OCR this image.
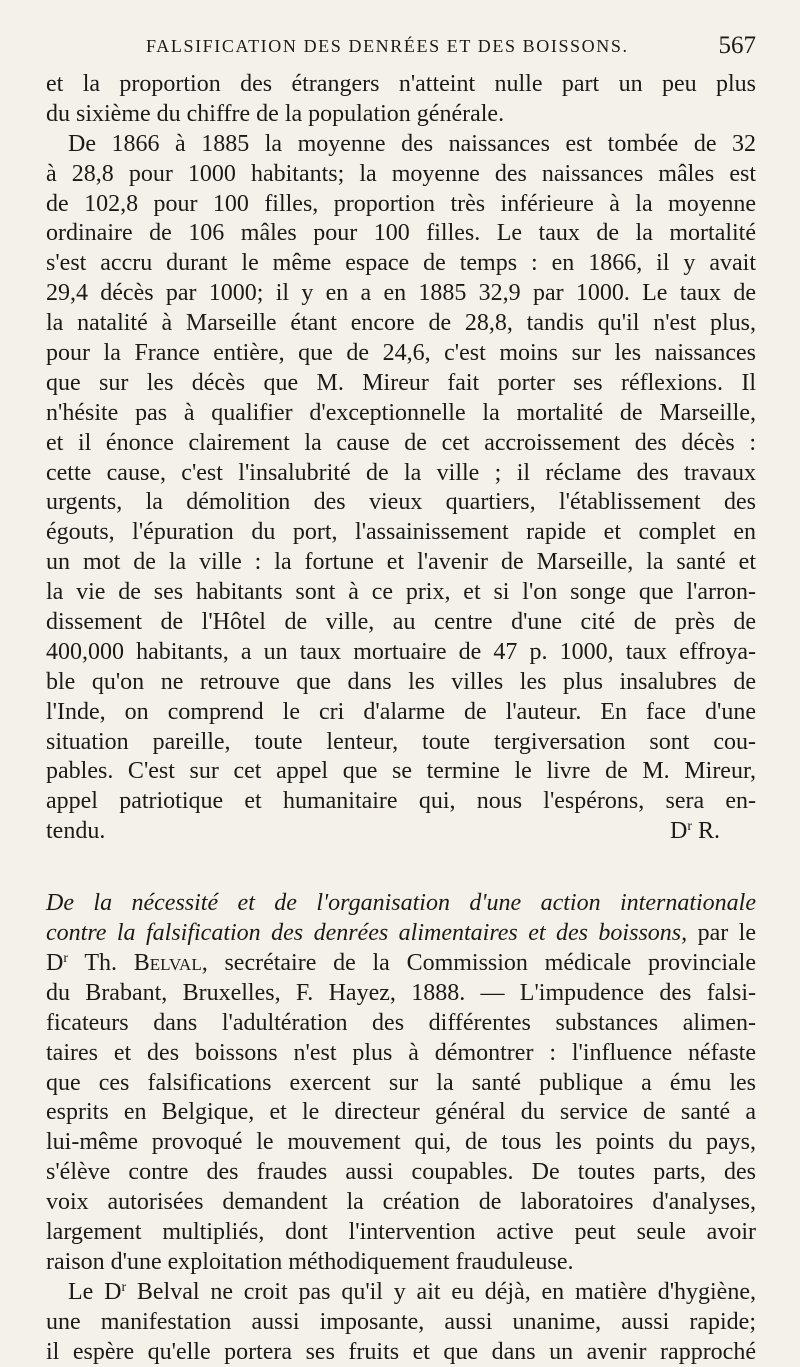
FALSIFICATION DES DENRÉES ET DES BOISSONS.	567
et la proportion des étrangers n'atteint nulle part un peu plus
du sixième du chiffre de la population générale.
De 1866 à 1885 la moyenne des naissances est tombée de 32
à 28,8 pour 1000 habitants; la moyenne des naissances mâles est
de 102,8 pour 100 filles, proportion très inférieure à la moyenne
ordinaire de 106 mâles pour 100 filles. Le taux de la mortalité
s'est accru durant le même espace de temps : en 1866, il y avait
29,4 décès par 1000; il y en a en 1885 32,9 par 1000. Le taux de
la natalité à Marseille étant encore de 28,8, tandis qu'il n'est plus,
pour la France entière, que de 24,6, c'est moins sur les naissances
que sur les décès que M. Mireur fait porter ses réflexions. Il
n'hésite pas à qualifier d'exceptionnelle la mortalité de Marseille,
et il énonce clairement la cause de cet accroissement des décès :
cette cause, c'est l'insalubrité de la ville ; il réclame des travaux
urgents, la démolition des vieux quartiers, l'établissement des
égouts, l'épuration du port, l'assainissement rapide et complet en
un mot de la ville : la fortune et l'avenir de Marseille, la santé et
la vie de ses habitants sont à ce prix, et si l'on songe que l'arron-
dissement de l'Hôtel de ville, au centre d'une cité de près de
400,000 habitants, a un taux mortuaire de 47 p. 1000, taux effroya-
ble qu'on ne retrouve que dans les villes les plus insalubres de
l'Inde, on comprend le cri d'alarme de l'auteur. En face d'une
situation pareille, toute lenteur, toute tergiversation sont cou-
pables. C'est sur cet appel que se termine le livre de M. Mireur,
appel patriotique et humanitaire qui, nous l'espérons, sera en-
tendu.	$D^r$ R.
De la nécessité et de l'organisation d'une action internationale
contre la falsification des denrées alimentaires et des boissons, par le
$D^r$ Th. Belval, secrétaire de la Commission médicale provinciale
du Brabant, Bruxelles, F. Hayez, 1888. — L'impudence des falsi-
ficateurs dans l'adultération des différentes substances alimen-
taires et des boissons n'est plus à démontrer : l'influence néfaste
que ces falsifications exercent sur la santé publique a ému les
esprits en Belgique, et le directeur général du service de santé a
lui-même provoqué le mouvement qui, de tous les points du pays,
s'élève contre des fraudes aussi coupables. De toutes parts, des
voix autorisées demandent la création de laboratoires d'analyses,
largement multipliés, dont l'intervention active peut seule avoir
raison d'une exploitation méthodiquement frauduleuse.
Le $D^r$ Belval ne croit pas qu'il y ait eu déjà, en matière d'hygiène,
une manifestation aussi imposante, aussi unanime, aussi rapide;
il espère qu'elle portera ses fruits et que dans un avenir rapproché
